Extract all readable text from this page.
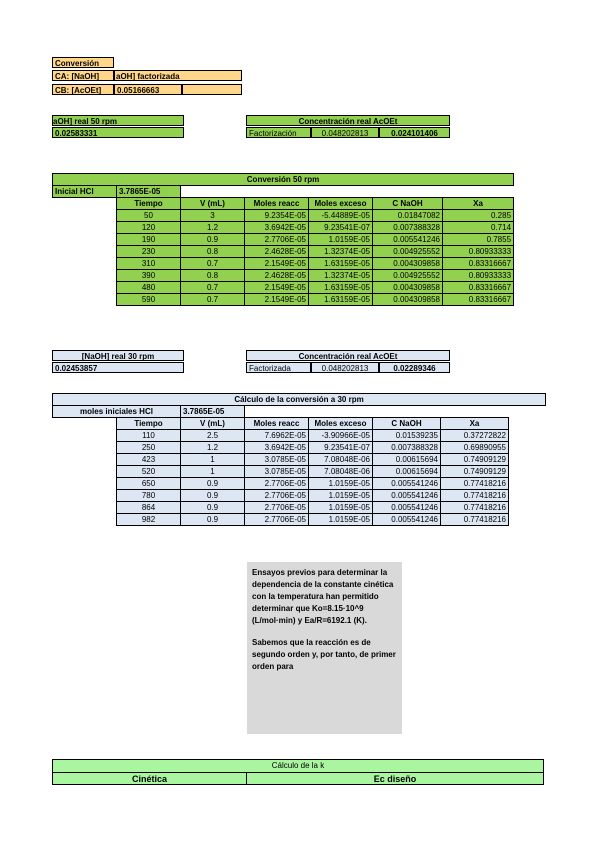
Conversión
CA: [NaOH]	aOH] factorizada
CB: [AcOEt]	0.05166663
aOH] real 50 rpm
0.02583331
Concentración real AcOEt
Factorización	0.048202813	0.024101406
Conversión 50 rpm						
Inicial HCl	3.7865E-05					
	Tiempo	V (mL)	Moles reacc	Moles exceso	C NaOH	Xa
	50	3	9.2354E-05	-5.44889E-05	0.01847082	0.285
	120	1.2	3.6942E-05	9.23541E-07	0.007388328	0.714
	190	0.9	2.7706E-05	1.0159E-05	0.005541246	0.7855
	230	0.8	2.4628E-05	1.32374E-05	0.004925552	0.80933333
	310	0.7	2.1549E-05	1.63159E-05	0.004309858	0.83316667
	390	0.8	2.4628E-05	1.32374E-05	0.004925552	0.80933333
	480	0.7	2.1549E-05	1.63159E-05	0.004309858	0.83316667
	590	0.7	2.1549E-05	1.63159E-05	0.004309858	0.83316667
[NaOH] real 30 rpm
0.02453857
Concentración real AcOEt
Factorizada	0.048202813	0.02289346
Cálculo de la conversión a 30 rpm							
moles iniciales HCl		3.7865E-05					
	Tiempo	V (mL)	Moles reacc	Moles exceso	C NaOH	Xa	
	110	2.5	7.6962E-05	-3.90966E-05	0.01539235	0.37272822	
	250	1.2	3.6942E-05	9.23541E-07	0.007388328	0.69890955	
	423	1	3.0785E-05	7.08048E-06	0.00615694	0.74909129	
	520	1	3.0785E-05	7.08048E-06	0.00615694	0.74909129	
	650	0.9	2.7706E-05	1.0159E-05	0.005541246	0.77418216	
	780	0.9	2.7706E-05	1.0159E-05	0.005541246	0.77418216	
	864	0.9	2.7706E-05	1.0159E-05	0.005541246	0.77418216	
	982	0.9	2.7706E-05	1.0159E-05	0.005541246	0.77418216	

Ensayos previos para determinar la dependencia de la constante cinética con la temperatura han permitido determinar que Ko=8.15·10^9 (L/mol·min) y Ea/R=6192.1 (K).

Sabemos que la reacción es de segundo orden y, por tanto, de primer orden para

Cálculo de la k
Cinética	Ec diseño
